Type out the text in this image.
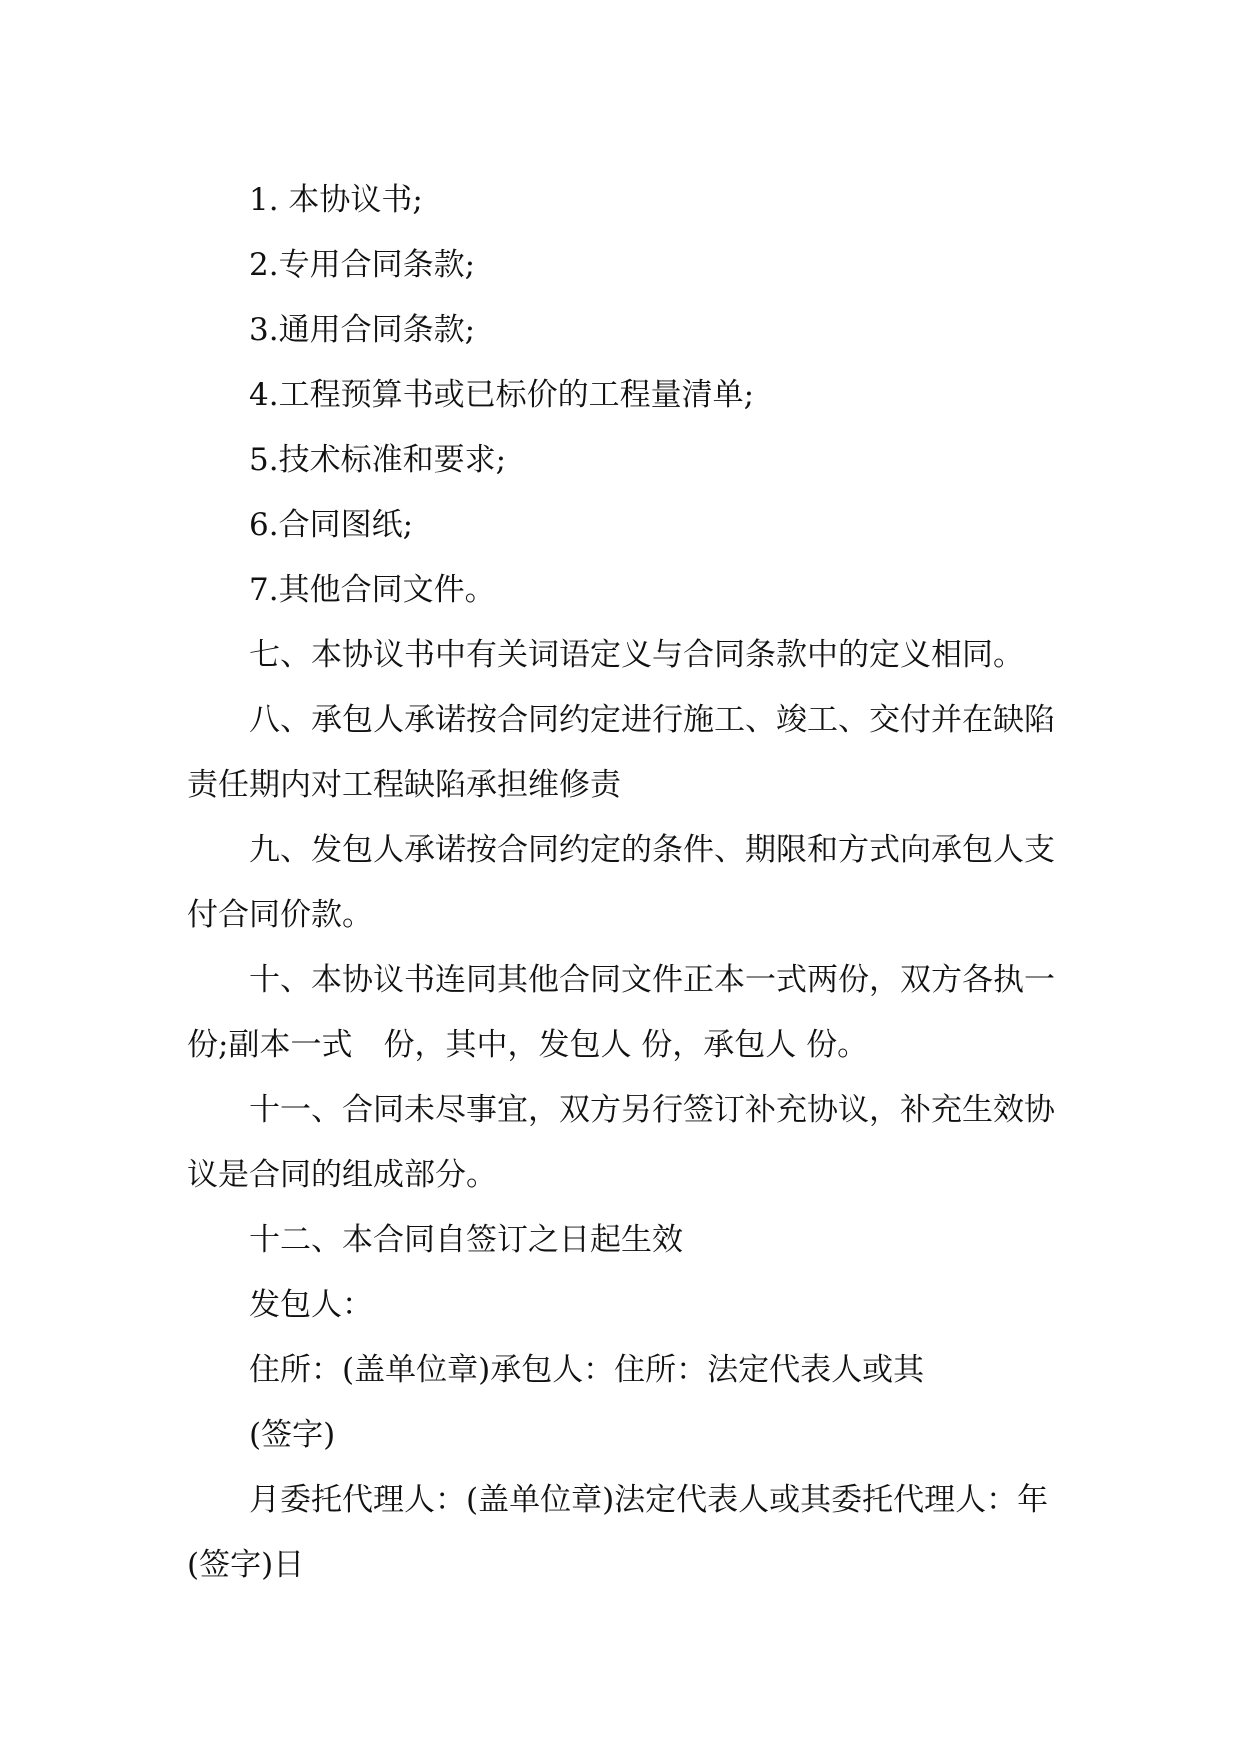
1. 本协议书;

2.专用合同条款;

3.通用合同条款;

4.工程预算书或已标价的工程量清单;

5.技术标准和要求;

6.合同图纸;

7.其他合同文件。

七、本协议书中有关词语定义与合同条款中的定义相同。

八、承包人承诺按合同约定进行施工、竣工、交付并在缺陷责任期内对工程缺陷承担维修责

九、发包人承诺按合同约定的条件、期限和方式向承包人支付合同价款。

十、本协议书连同其他合同文件正本一式两份，双方各执一份;副本一式　份，其中，发包人 份，承包人 份。

十一、合同未尽事宜，双方另行签订补充协议，补充生效协议是合同的组成部分。

十二、本合同自签订之日起生效

发包人：

住所：(盖单位章)承包人：住所：法定代表人或其

(签字)

月委托代理人：(盖单位章)法定代表人或其委托代理人：年(签字)日
